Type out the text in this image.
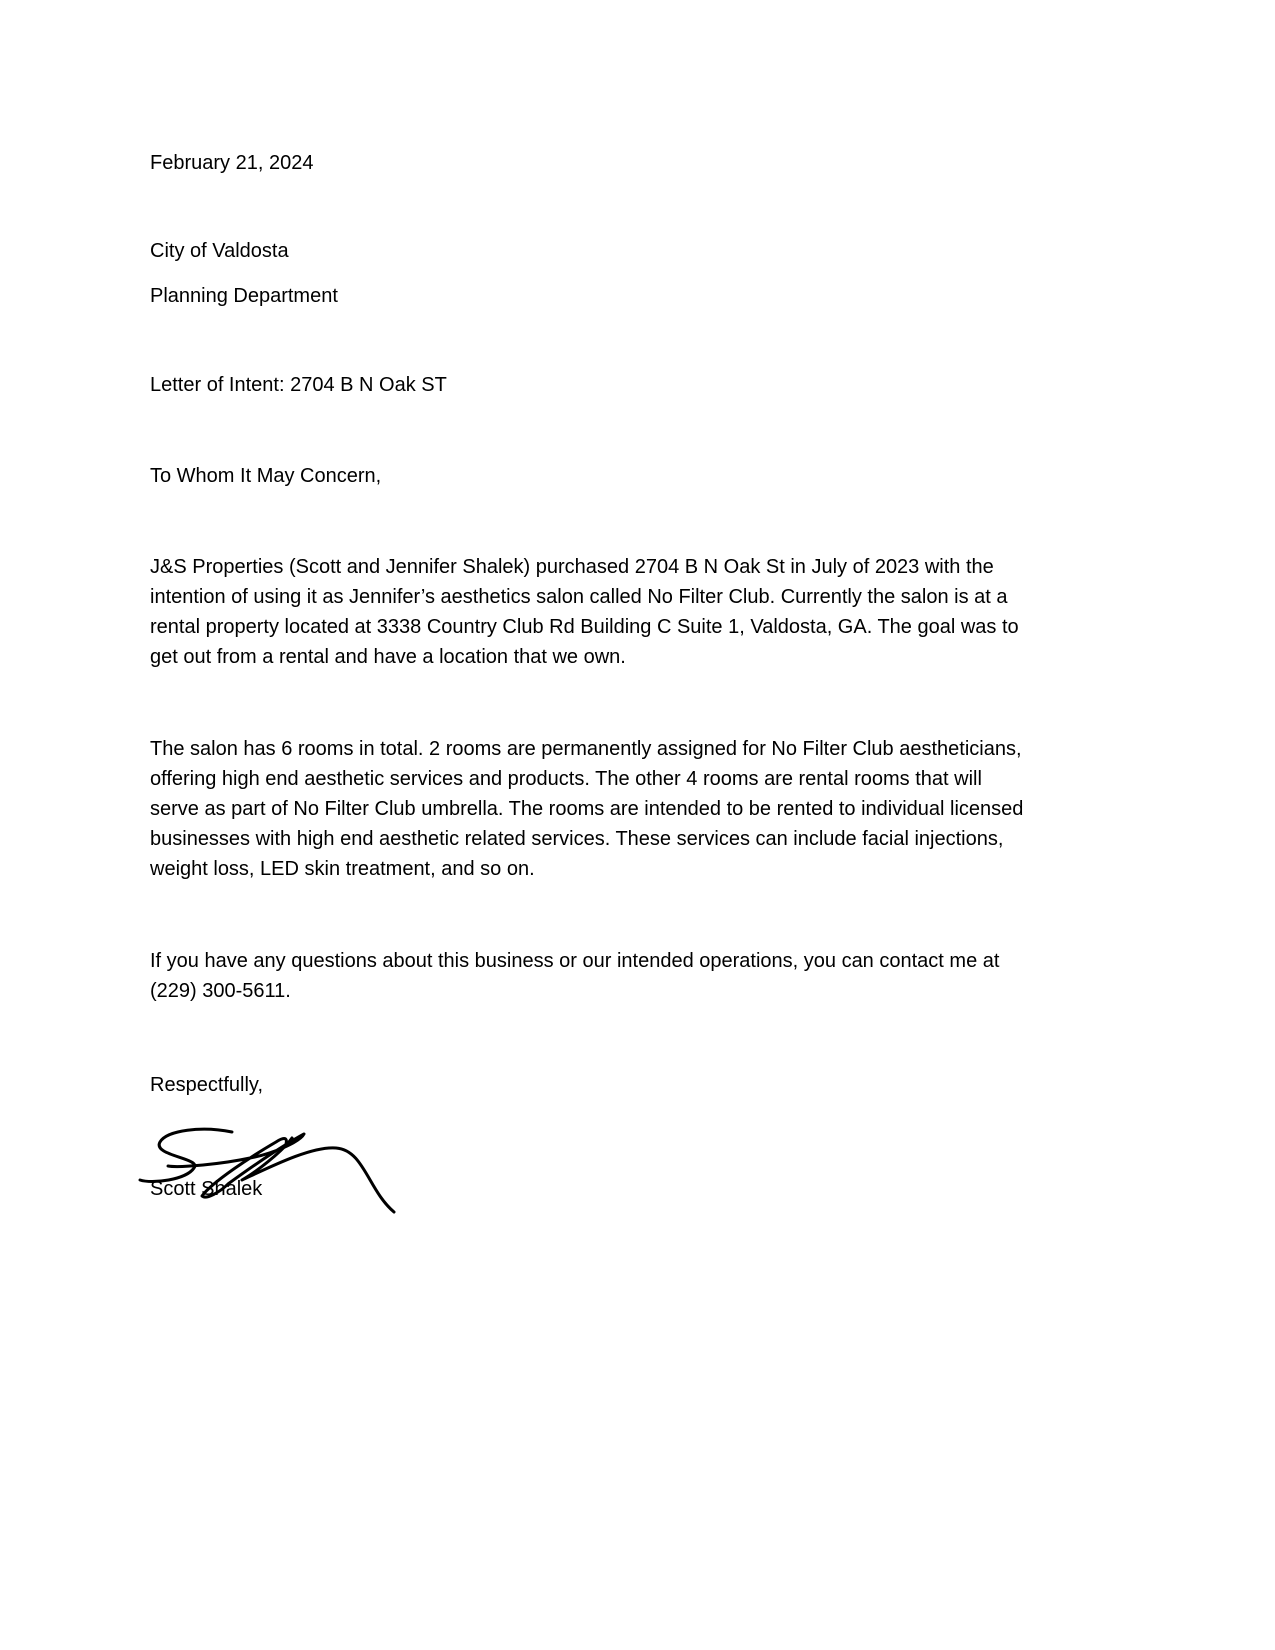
February 21, 2024
City of Valdosta
Planning Department
Letter of Intent: 2704 B N Oak ST
To Whom It May Concern,
J&S Properties (Scott and Jennifer Shalek) purchased 2704 B N Oak St in July of 2023 with the
intention of using it as Jennifer’s aesthetics salon called No Filter Club. Currently the salon is at a
rental property located at 3338 Country Club Rd Building C Suite 1, Valdosta, GA. The goal was to
get out from a rental and have a location that we own.
The salon has 6 rooms in total. 2 rooms are permanently assigned for No Filter Club aestheticians,
offering high end aesthetic services and products. The other 4 rooms are rental rooms that will
serve as part of No Filter Club umbrella. The rooms are intended to be rented to individual licensed
businesses with high end aesthetic related services. These services can include facial injections,
weight loss, LED skin treatment, and so on.
If you have any questions about this business or our intended operations, you can contact me at
(229) 300-5611.
Respectfully,
Scott Shalek
